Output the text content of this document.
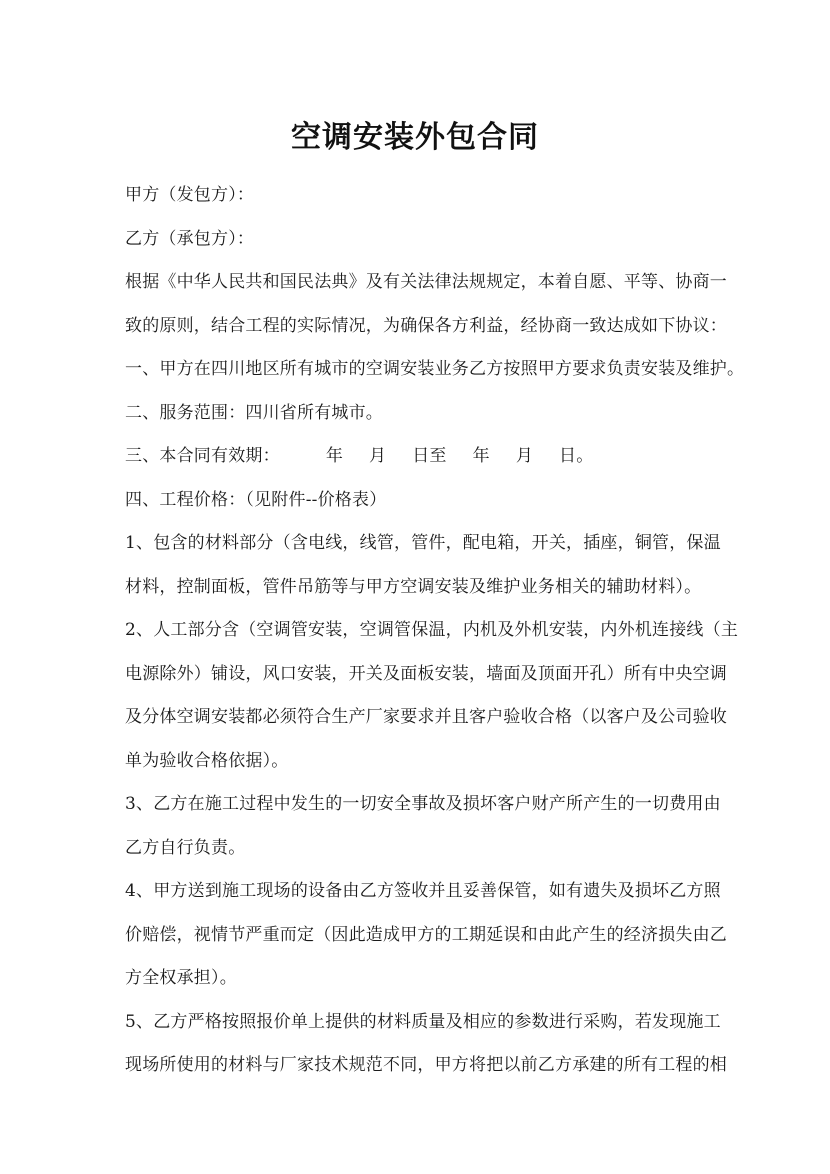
空调安装外包合同
甲方（发包方）：
乙方（承包方）：
根据《中华人民共和国民法典》及有关法律法规规定，本着自愿、平等、协商一
致的原则，结合工程的实际情况，为确保各方利益，经协商一致达成如下协议：
一、甲方在四川地区所有城市的空调安装业务乙方按照甲方要求负责安装及维护。
二、服务范围：四川省所有城市。
三、本合同有效期：	年 月 日至 年 月 日。
四、工程价格：（见附件--价格表）
1、包含的材料部分（含电线，线管，管件，配电箱，开关，插座，铜管，保温
材料，控制面板，管件吊筋等与甲方空调安装及维护业务相关的辅助材料）。
2、人工部分含（空调管安装，空调管保温，内机及外机安装，内外机连接线（主
电源除外）铺设，风口安装，开关及面板安装，墙面及顶面开孔）所有中央空调
及分体空调安装都必须符合生产厂家要求并且客户验收合格（以客户及公司验收
单为验收合格依据）。
3、乙方在施工过程中发生的一切安全事故及损坏客户财产所产生的一切费用由
乙方自行负责。
4、甲方送到施工现场的设备由乙方签收并且妥善保管，如有遗失及损坏乙方照
价赔偿，视情节严重而定（因此造成甲方的工期延误和由此产生的经济损失由乙
方全权承担）。
5、乙方严格按照报价单上提供的材料质量及相应的参数进行采购，若发现施工
现场所使用的材料与厂家技术规范不同，甲方将把以前乙方承建的所有工程的相
